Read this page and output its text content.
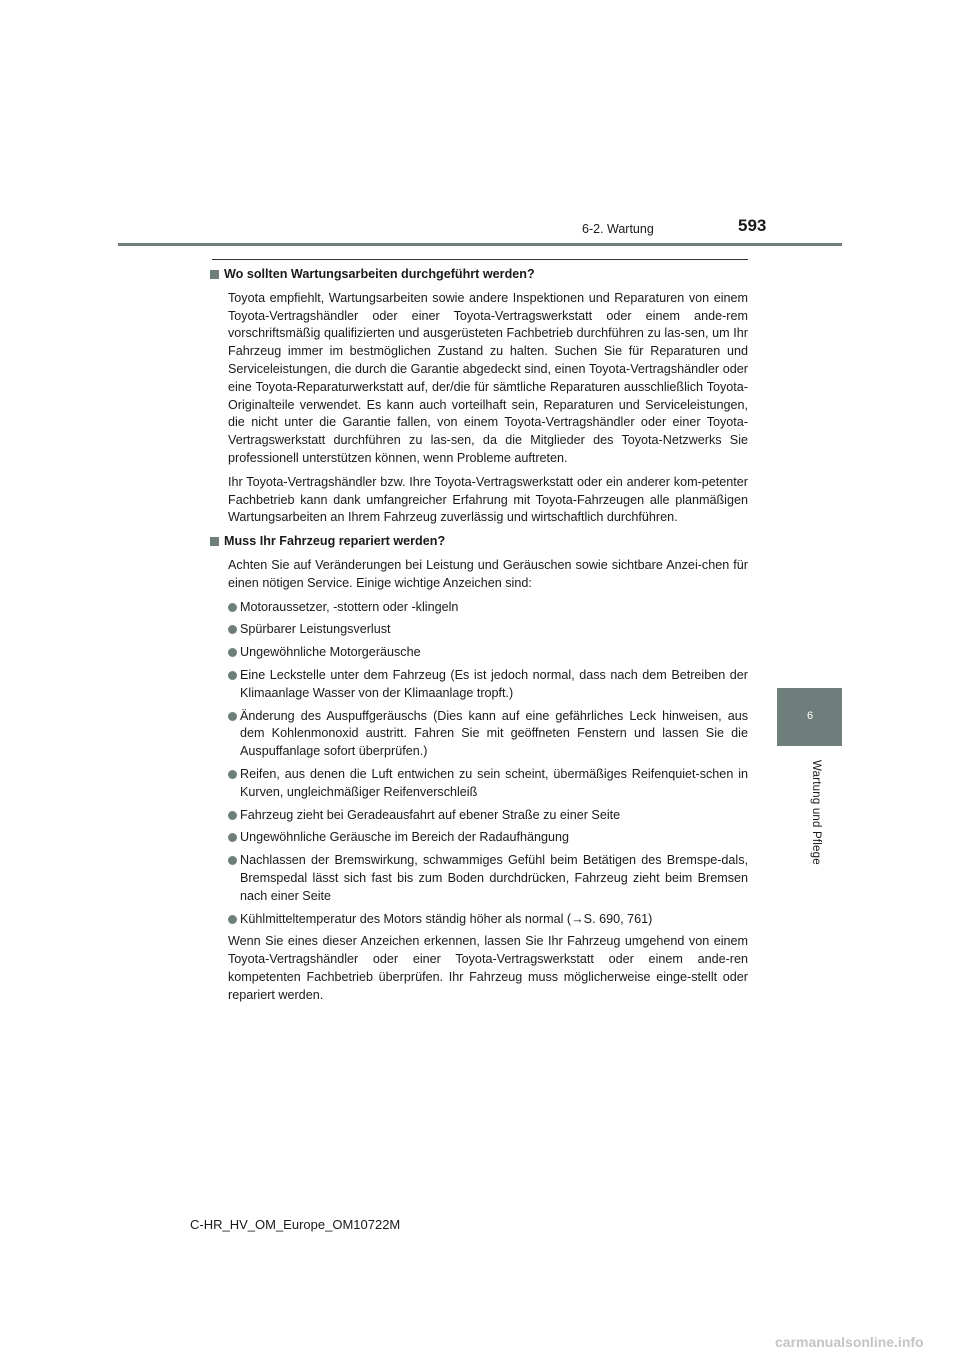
6-2. Wartung	593
6
Wartung und Pflege
Wo sollten Wartungsarbeiten durchgeführt werden?

Toyota empfiehlt, Wartungsarbeiten sowie andere Inspektionen und Reparaturen von einem Toyota-Vertragshändler oder einer Toyota-Vertragswerkstatt oder einem ande-rem vorschriftsmäßig qualifizierten und ausgerüsteten Fachbetrieb durchführen zu las-sen, um Ihr Fahrzeug immer im bestmöglichen Zustand zu halten. Suchen Sie für Reparaturen und Serviceleistungen, die durch die Garantie abgedeckt sind, einen Toyota-Vertragshändler oder eine Toyota-Reparaturwerkstatt auf, der/die für sämtliche Reparaturen ausschließlich Toyota-Originalteile verwendet. Es kann auch vorteilhaft sein, Reparaturen und Serviceleistungen, die nicht unter die Garantie fallen, von einem Toyota-Vertragshändler oder einer Toyota-Vertragswerkstatt durchführen zu las-sen, da die Mitglieder des Toyota-Netzwerks Sie professionell unterstützen können, wenn Probleme auftreten.

Ihr Toyota-Vertragshändler bzw. Ihre Toyota-Vertragswerkstatt oder ein anderer kom-petenter Fachbetrieb kann dank umfangreicher Erfahrung mit Toyota-Fahrzeugen alle planmäßigen Wartungsarbeiten an Ihrem Fahrzeug zuverlässig und wirtschaftlich durchführen.

Muss Ihr Fahrzeug repariert werden?

Achten Sie auf Veränderungen bei Leistung und Geräuschen sowie sichtbare Anzei-chen für einen nötigen Service. Einige wichtige Anzeichen sind:

Motoraussetzer, -stottern oder -klingeln
Spürbarer Leistungsverlust
Ungewöhnliche Motorgeräusche
Eine Leckstelle unter dem Fahrzeug (Es ist jedoch normal, dass nach dem Betreiben der Klimaanlage Wasser von der Klimaanlage tropft.)
Änderung des Auspuffgeräuschs (Dies kann auf eine gefährliches Leck hinweisen, aus dem Kohlenmonoxid austritt. Fahren Sie mit geöffneten Fenstern und lassen Sie die Auspuffanlage sofort überprüfen.)
Reifen, aus denen die Luft entwichen zu sein scheint, übermäßiges Reifenquiet-schen in Kurven, ungleichmäßiger Reifenverschleiß
Fahrzeug zieht bei Geradeausfahrt auf ebener Straße zu einer Seite
Ungewöhnliche Geräusche im Bereich der Radaufhängung
Nachlassen der Bremswirkung, schwammiges Gefühl beim Betätigen des Bremspe-dals, Bremspedal lässt sich fast bis zum Boden durchdrücken, Fahrzeug zieht beim Bremsen nach einer Seite
Kühlmitteltemperatur des Motors ständig höher als normal (→S. 690, 761)

Wenn Sie eines dieser Anzeichen erkennen, lassen Sie Ihr Fahrzeug umgehend von einem Toyota-Vertragshändler oder einer Toyota-Vertragswerkstatt oder einem ande-ren kompetenten Fachbetrieb überprüfen. Ihr Fahrzeug muss möglicherweise einge-stellt oder repariert werden.

C-HR_HV_OM_Europe_OM10722M
carmanualsonline.info
